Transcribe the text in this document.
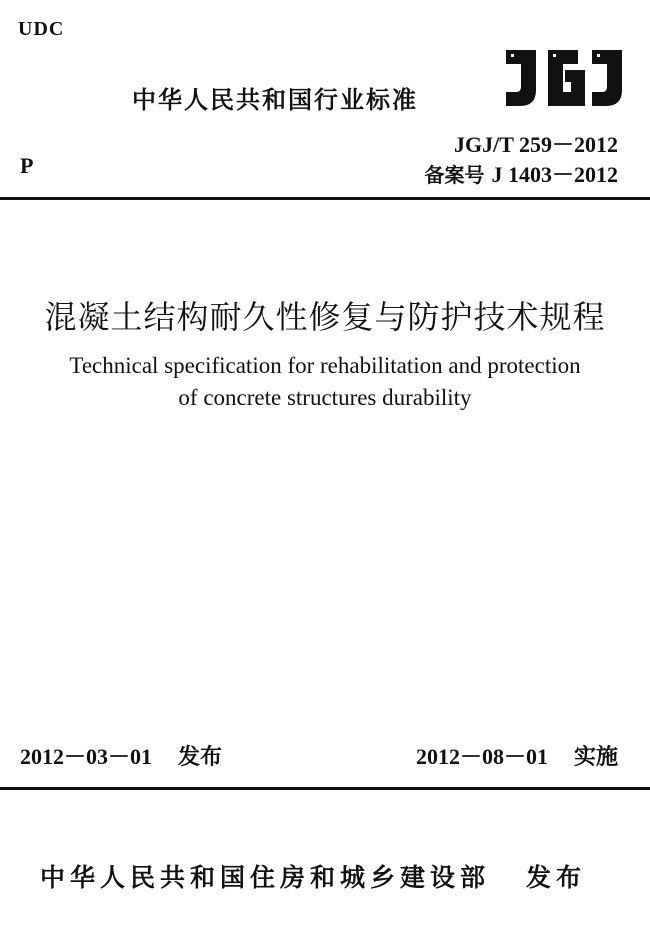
UDC
中华人民共和国行业标准
JGJ/T 259－2012
备案号 J 1403－2012
P
混凝土结构耐久性修复与防护技术规程
Technical specification for rehabilitation and protection
of concrete structures durability
2012－03－01 发布	2012－08－01 实施
中华人民共和国住房和城乡建设部 发布
